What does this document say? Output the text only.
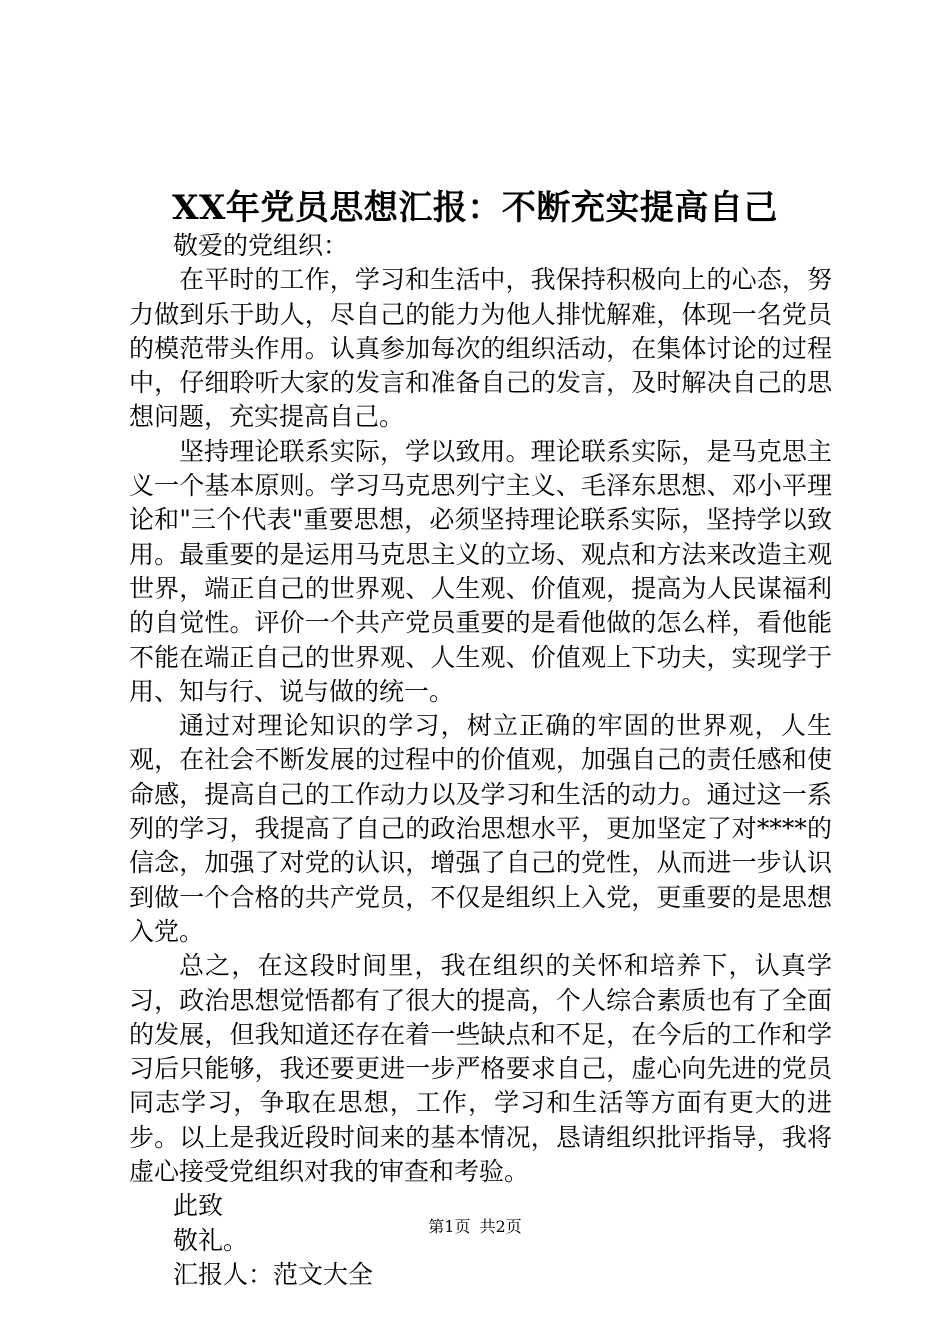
XX年党员思想汇报：不断充实提高自己

敬爱的党组织：

在平时的工作，学习和生活中，我保持积极向上的心态，努力做到乐于助人，尽自己的能力为他人排忧解难，体现一名党员的模范带头作用。认真参加每次的组织活动，在集体讨论的过程中，仔细聆听大家的发言和准备自己的发言，及时解决自己的思想问题，充实提高自己。

坚持理论联系实际，学以致用。理论联系实际，是马克思主义一个基本原则。学习马克思列宁主义、毛泽东思想、邓小平理论和"三个代表"重要思想，必须坚持理论联系实际，坚持学以致用。最重要的是运用马克思主义的立场、观点和方法来改造主观世界，端正自己的世界观、人生观、价值观，提高为人民谋福利的自觉性。评价一个共产党员重要的是看他做的怎么样，看他能不能在端正自己的世界观、人生观、价值观上下功夫，实现学于用、知与行、说与做的统一。

通过对理论知识的学习，树立正确的牢固的世界观，人生观，在社会不断发展的过程中的价值观，加强自己的责任感和使命感，提高自己的工作动力以及学习和生活的动力。通过这一系列的学习，我提高了自己的政治思想水平，更加坚定了对****的信念，加强了对党的认识，增强了自己的党性，从而进一步认识到做一个合格的共产党员，不仅是组织上入党，更重要的是思想入党。

总之，在这段时间里，我在组织的关怀和培养下，认真学习，政治思想觉悟都有了很大的提高，个人综合素质也有了全面的发展，但我知道还存在着一些缺点和不足，在今后的工作和学习后只能够，我还要更进一步严格要求自己，虚心向先进的党员同志学习，争取在思想，工作，学习和生活等方面有更大的进步。以上是我近段时间来的基本情况，恳请组织批评指导，我将虚心接受党组织对我的审查和考验。

此致

敬礼。

汇报人：范文大全

第1页 共2页
